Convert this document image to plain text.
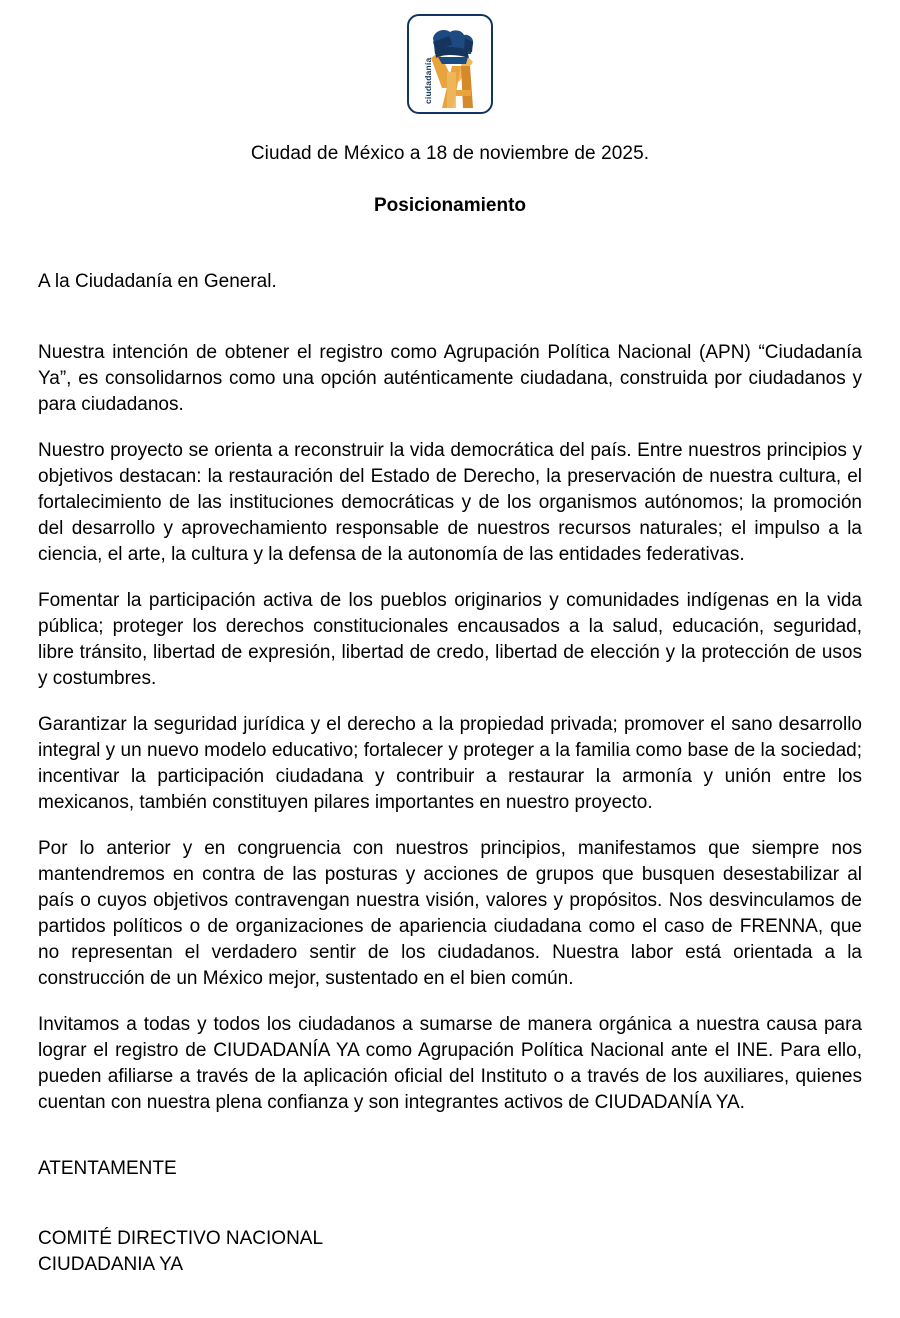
ciudadanía
Ciudad de México a 18 de noviembre de 2025.
Posicionamiento
A la Ciudadanía en General.

Nuestra intención de obtener el registro como Agrupación Política Nacional (APN) “Ciudadanía Ya”, es consolidarnos como una opción auténticamente ciudadana, construida por ciudadanos y para ciudadanos.

Nuestro proyecto se orienta a reconstruir la vida democrática del país. Entre nuestros principios y objetivos destacan: la restauración del Estado de Derecho, la preservación de nuestra cultura, el fortalecimiento de las instituciones democráticas y de los organismos autónomos; la promoción del desarrollo y aprovechamiento responsable de nuestros recursos naturales; el impulso a la ciencia, el arte, la cultura y la defensa de la autonomía de las entidades federativas.

Fomentar la participación activa de los pueblos originarios y comunidades indígenas en la vida pública; proteger los derechos constitucionales encausados a la salud, educación, seguridad, libre tránsito, libertad de expresión, libertad de credo, libertad de elección y la protección de usos y costumbres.

Garantizar la seguridad jurídica y el derecho a la propiedad privada; promover el sano desarrollo integral y un nuevo modelo educativo; fortalecer y proteger a la familia como base de la sociedad; incentivar la participación ciudadana y contribuir a restaurar la armonía y unión entre los mexicanos, también constituyen pilares importantes en nuestro proyecto.

Por lo anterior y en congruencia con nuestros principios, manifestamos que siempre nos mantendremos en contra de las posturas y acciones de grupos que busquen desestabilizar al país o cuyos objetivos contravengan nuestra visión, valores y propósitos. Nos desvinculamos de partidos políticos o de organizaciones de apariencia ciudadana como el caso de FRENNA, que no representan el verdadero sentir de los ciudadanos. Nuestra labor está orientada a la construcción de un México mejor, sustentado en el bien común.

Invitamos a todas y todos los ciudadanos a sumarse de manera orgánica a nuestra causa para lograr el registro de CIUDADANÍA YA como Agrupación Política Nacional ante el INE. Para ello, pueden afiliarse a través de la aplicación oficial del Instituto o a través de los auxiliares, quienes cuentan con nuestra plena confianza y son integrantes activos de CIUDADANÍA YA.

ATENTAMENTE
COMITÉ DIRECTIVO NACIONAL
CIUDADANIA YA
